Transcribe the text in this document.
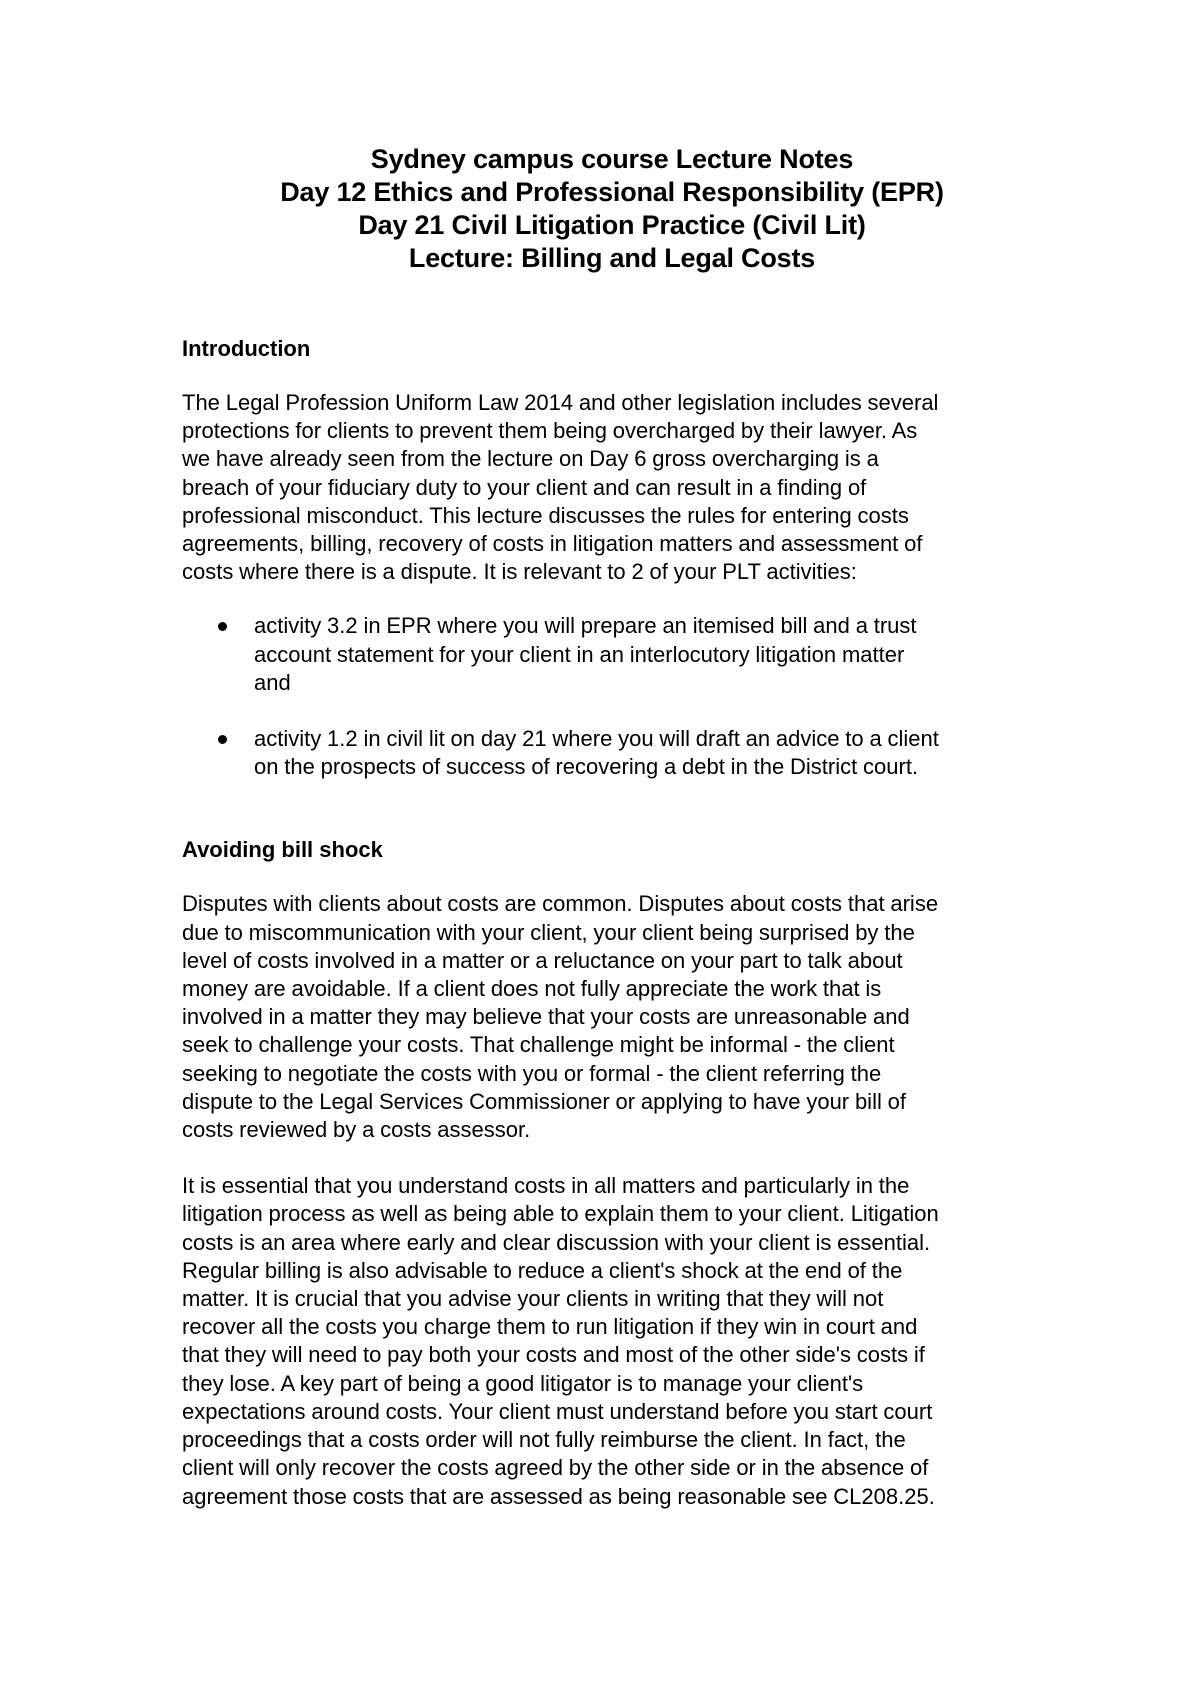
Sydney campus course Lecture Notes
Day 12 Ethics and Professional Responsibility (EPR)
Day 21 Civil Litigation Practice (Civil Lit)
Lecture: Billing and Legal Costs
Introduction

The Legal Profession Uniform Law 2014 and other legislation includes several
protections for clients to prevent them being overcharged by their lawyer. As
we have already seen from the lecture on Day 6 gross overcharging is a
breach of your fiduciary duty to your client and can result in a finding of
professional misconduct. This lecture discusses the rules for entering costs
agreements, billing, recovery of costs in litigation matters and assessment of
costs where there is a dispute. It is relevant to 2 of your PLT activities:

activity 3.2 in EPR where you will prepare an itemised bill and a trust
account statement for your client in an interlocutory litigation matter
and
activity 1.2 in civil lit on day 21 where you will draft an advice to a client
on the prospects of success of recovering a debt in the District court.
Avoiding bill shock

Disputes with clients about costs are common. Disputes about costs that arise
due to miscommunication with your client, your client being surprised by the
level of costs involved in a matter or a reluctance on your part to talk about
money are avoidable. If a client does not fully appreciate the work that is
involved in a matter they may believe that your costs are unreasonable and
seek to challenge your costs. That challenge might be informal - the client
seeking to negotiate the costs with you or formal - the client referring the
dispute to the Legal Services Commissioner or applying to have your bill of
costs reviewed by a costs assessor.

It is essential that you understand costs in all matters and particularly in the
litigation process as well as being able to explain them to your client. Litigation
costs is an area where early and clear discussion with your client is essential.
Regular billing is also advisable to reduce a client's shock at the end of the
matter. It is crucial that you advise your clients in writing that they will not
recover all the costs you charge them to run litigation if they win in court and
that they will need to pay both your costs and most of the other side's costs if
they lose. A key part of being a good litigator is to manage your client's
expectations around costs. Your client must understand before you start court
proceedings that a costs order will not fully reimburse the client. In fact, the
client will only recover the costs agreed by the other side or in the absence of
agreement those costs that are assessed as being reasonable see CL208.25.
